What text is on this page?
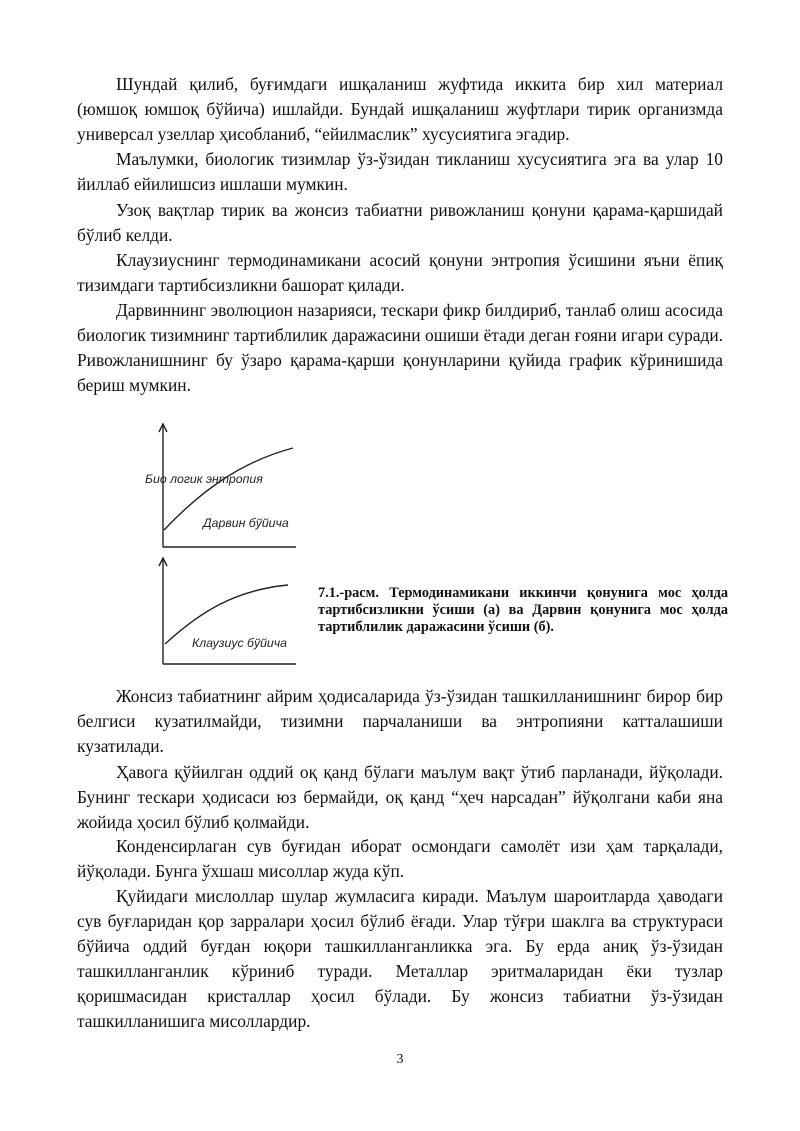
Шундай қилиб, буғимдаги ишқаланиш жуфтида иккита бир хил материал (юмшоқ юмшоқ бўйича) ишлайди. Бундай ишқаланиш жуфтлари тирик организмда универсал узеллар ҳисобланиб, “ейилмаслик” хусусиятига эгадир.

Маълумки, биологик тизимлар ўз-ўзидан тикланиш хусусиятига эга ва улар 10 йиллаб ейилишсиз ишлаши мумкин.

Узоқ вақтлар тирик ва жонсиз табиатни ривожланиш қонуни қарама-қаршидай бўлиб келди.

Клаузиуснинг термодинамикани асосий қонуни энтропия ўсишини яъни ёпиқ тизимдаги тартибсизликни башорат қилади.

Дарвиннинг эволюцион назарияси, тескари фикр билдириб, танлаб олиш асосида биологик тизимнинг тартиблилик даражасини ошиши ётади деган ғояни игари суради. Ривожланишнинг бу ўзаро қарама-қарши қонунларини қуйида график кўринишида бериш мумкин.

Био логик энтропия
Дарвин бўйича
Клаузиус бўйича

7.1.-расм. Термодинамикани иккинчи қонунига мос ҳолда тартибсизликни ўсиши (а) ва Дарвин қонунига мос ҳолда тартиблилик даражасини ўсиши (б).

Жонсиз табиатнинг айрим ҳодисаларида ўз-ўзидан ташкилланишнинг бирор бир белгиси кузатилмайди, тизимни парчаланиши ва энтропияни катталашиши кузатилади.

Ҳавога қўйилган оддий оқ қанд бўлаги маълум вақт ўтиб парланади, йўқолади. Бунинг тескари ҳодисаси юз бермайди, оқ қанд “ҳеч нарсадан” йўқолгани каби яна жойида ҳосил бўлиб қолмайди.

Конденсирлаган сув буғидан иборат осмондаги самолёт изи ҳам тарқалади, йўқолади. Бунга ўхшаш мисоллар жуда кўп.

Қуйидаги мислоллар шулар жумласига киради. Маълум шароитларда ҳаводаги сув буғларидан қор зарралари ҳосил бўлиб ёғади. Улар тўғри шаклга ва структураси бўйича оддий буғдан юқори ташкилланганликка эга. Бу ерда аниқ ўз-ўзидан ташкилланганлик кўриниб туради. Металлар эритмаларидан ёки тузлар қоришмасидан кристаллар ҳосил бўлади. Бу жонсиз табиатни ўз-ўзидан ташкилланишига мисоллардир.

3
